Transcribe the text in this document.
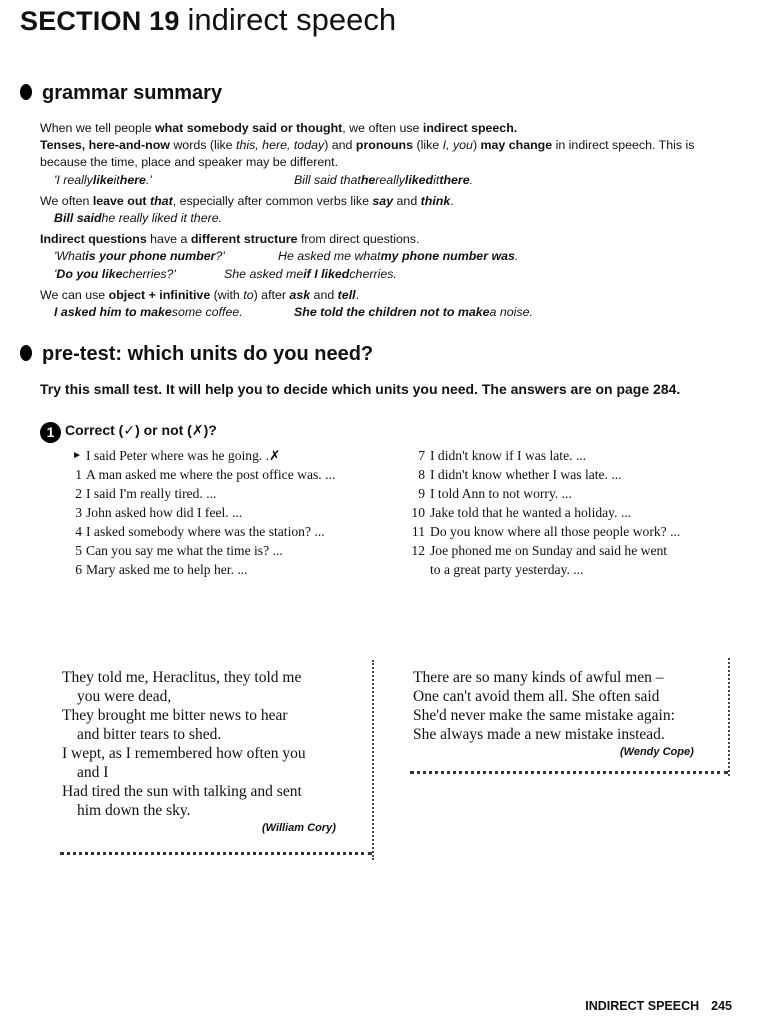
SECTION 19 indirect speech
grammar summary

When we tell people what somebody said or thought, we often use indirect speech.

Tenses, here-and-now words (like this, here, today) and pronouns (like I, you) may change in indirect speech. This is because the time, place and speaker may be different.

'I reallylikeithere.'	Bill said thathereallylikeditthere.

We often leave out that, especially after common verbs like say and think.

Bill saidhe really liked it there.

Indirect questions have a different structure from direct questions.

'Whatis your phone number?'	He asked me whatmy phone number was.

'Do you likecherries?'	She asked meif I likedcherries.

We can use object + infinitive (with to) after ask and tell.

I asked him to makesome coffee.	She told the children not to makea noise.

pre-test: which units do you need?
Try this small test. It will help you to decide which units you need. The answers are on page 284.
1 Correct (✓) or not (✗)?
► I said Peter where was he going. .✗
1 A man asked me where the post office was. ...
2 I said I'm really tired. ...
3 John asked how did I feel. ...
4 I asked somebody where was the station? ...
5 Can you say me what the time is? ...
6 Mary asked me to help her. ...
7 I didn't know if I was late. ...
8 I didn't know whether I was late. ...
9 I told Ann to not worry. ...
10 Jake told that he wanted a holiday. ...
11 Do you know where all those people work? ...
12 Joe phoned me on Sunday and said he went
to a great party yesterday. ...
They told me, Heraclitus, they told me
you were dead,
They brought me bitter news to hear
and bitter tears to shed.
I wept, as I remembered how often you
and I
Had tired the sun with talking and sent
him down the sky.
(William Cory)
There are so many kinds of awful men –
One can't avoid them all. She often said
She'd never make the same mistake again:
She always made a new mistake instead.
(Wendy Cope)
INDIRECT SPEECH 245
